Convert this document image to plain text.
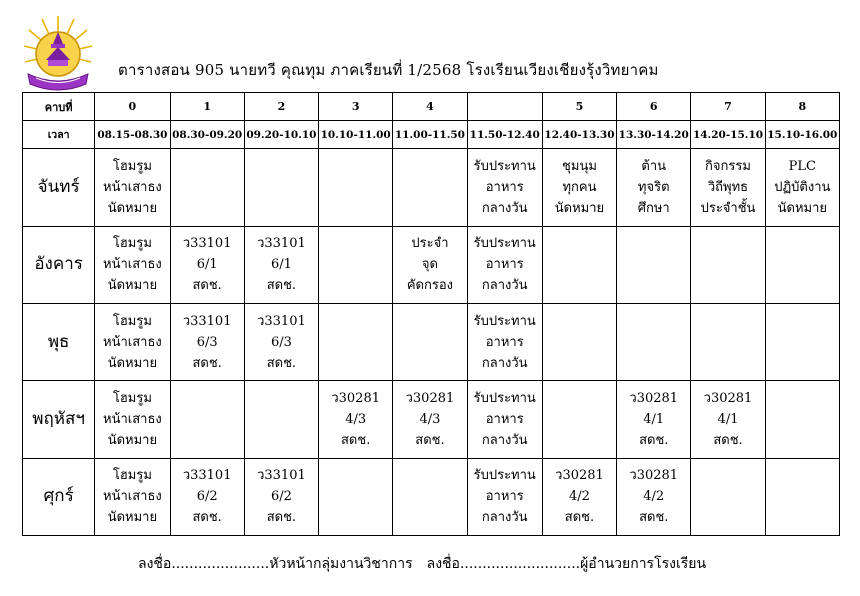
ตารางสอน 905 นายทวี คุณทุม ภาคเรียนที่ 1/2568 โรงเรียนเวียงเชียงรุ้งวิทยาคม
คาบที่	0	1	2	3	4		5	6	7	8
เวลา	08.15-08.30	08.30-09.20	09.20-10.10	10.10-11.00	11.00-11.50	11.50-12.40	12.40-13.30	13.30-14.20	14.20-15.10	15.10-16.00
จันทร์	โฮมรูม
หน้าเสาธง
นัดหมาย					รับประทาน
อาหาร
กลางวัน	ชุมนุม
ทุกคน
นัดหมาย	ต้าน
ทุจริต
ศึกษา	กิจกรรม
วิถีพุทธ
ประจำชั้น	PLC
ปฏิบัติงาน
นัดหมาย

อังคาร	โฮมรูม
หน้าเสาธง
นัดหมาย	ว33101
6/1
สดช.	ว33101
6/1
สดช.		ประจำ
จุด
คัดกรอง	รับประทาน
อาหาร
กลางวัน				

พุธ	โฮมรูม
หน้าเสาธง
นัดหมาย	ว33101
6/3
สดช.	ว33101
6/3
สดช.			รับประทาน
อาหาร
กลางวัน				

พฤหัสฯ	โฮมรูม
หน้าเสาธง
นัดหมาย			ว30281
4/3
สดช.	ว30281
4/3
สดช.	รับประทาน
อาหาร
กลางวัน		ว30281
4/1
สดช.	ว30281
4/1
สดช.	

ศุกร์	โฮมรูม
หน้าเสาธง
นัดหมาย	ว33101
6/2
สดช.	ว33101
6/2
สดช.			รับประทาน
อาหาร
กลางวัน	ว30281
4/2
สดช.	ว30281
4/2
สดช.		

ลงชื่อ......................หัวหน้ากลุ่มงานวิชาการ ลงชื่อ...........................ผู้อำนวยการโรงเรียน
